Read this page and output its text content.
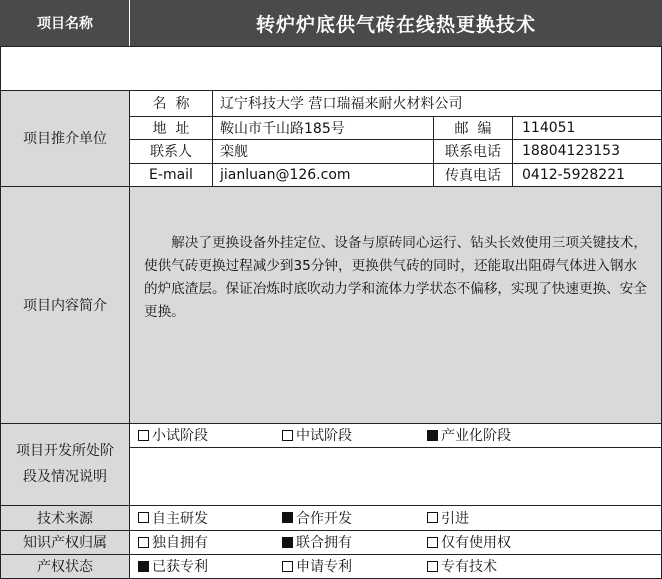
项目名称	转炉炉底供气砖在线热更换技术
项目推介单位
名  称	辽宁科技大学 营口瑞福来耐火材料公司
地  址	鞍山市千山路185号	邮  编	114051
联系人	栾舰	联系电话	18804123153
E-mail	jianluan@126.com	传真电话	0412-5928221
项目内容简介
解决了更换设备外挂定位、设备与原砖同心运行、钻头长效使用三项关键技术，使供气砖更换过程减少到35分钟，更换供气砖的同时，还能取出阻碍气体进入钢水的炉底渣层。保证冶炼时底吹动力学和流体力学状态不偏移，实现了快速更换、安全更换。
项目开发所处阶
段及情况说明
小试阶段	中试阶段	产业化阶段
技术来源	自主研发	合作开发	引进
知识产权归属	独自拥有	联合拥有	仅有使用权
产权状态	已获专利	申请专利	专有技术
